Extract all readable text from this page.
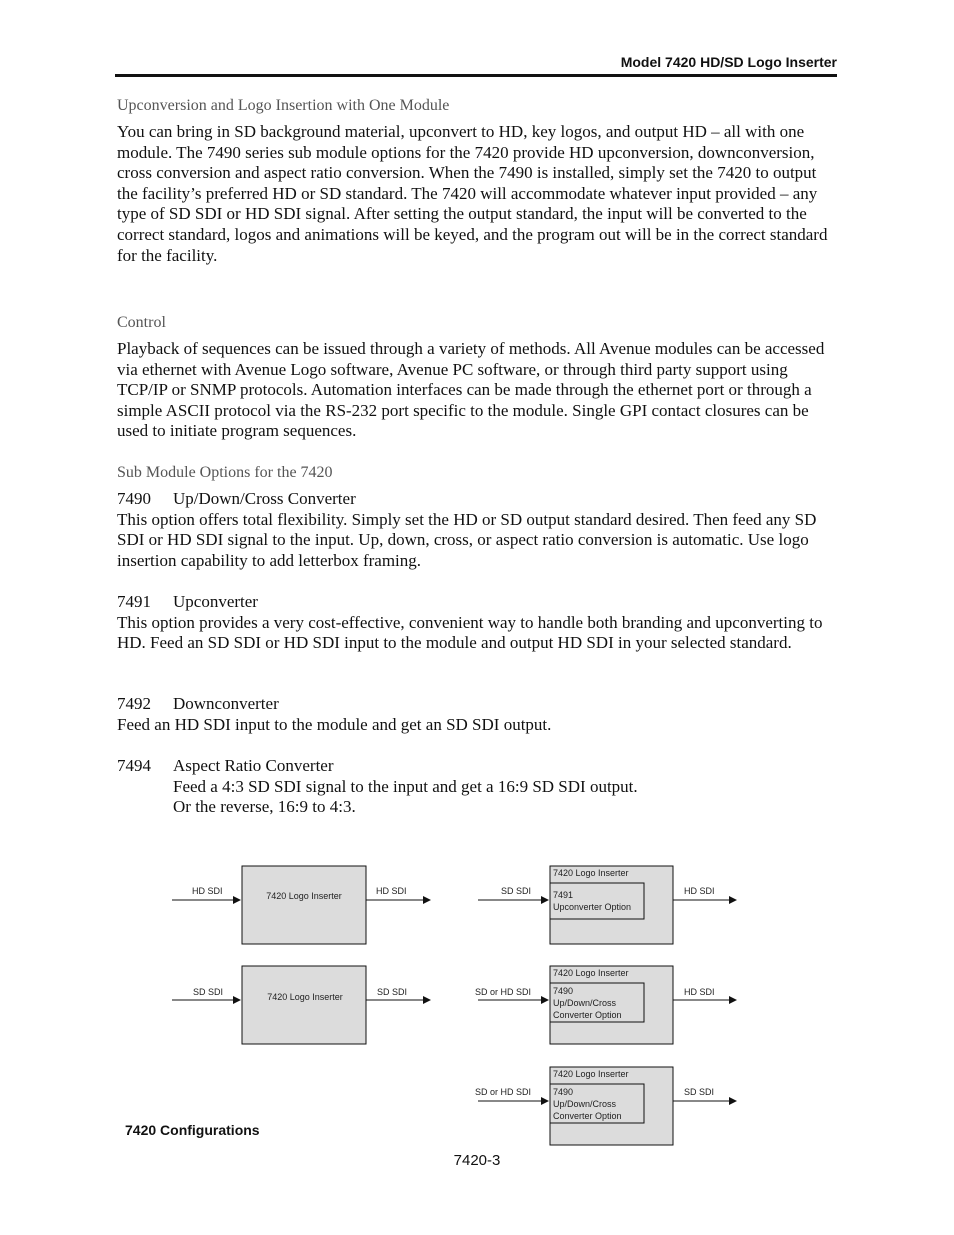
Model 7420 HD/SD Logo Inserter
Upconversion and Logo Insertion with One Module

You can bring in SD background material, upconvert to HD, key logos, and output HD – all with one module. The 7490 series sub module options for the 7420 provide HD upconversion, downconversion, cross conversion and aspect ratio conversion. When the 7490 is installed, simply set the 7420 to output the facility’s preferred HD or SD standard. The 7420 will accommodate whatever input provided – any type of SD SDI or HD SDI signal. After setting the output standard, the input will be converted to the correct standard, logos and animations will be keyed, and the program out will be in the correct standard for the facility.

Control

Playback of sequences can be issued through a variety of methods. All Avenue modules can be accessed via ethernet with Avenue Logo software, Avenue PC software, or through third party support using TCP/IP or SNMP protocols. Automation interfaces can be made through the ethernet port or through a simple ASCII protocol via the RS-232 port specific to the module. Single GPI contact closures can be used to initiate program sequences.

Sub Module Options for the 7420
7490 Up/Down/Cross Converter
This option offers total flexibility. Simply set the HD or SD output standard desired. Then feed any SD SDI or HD SDI signal to the input. Up, down, cross, or aspect ratio conversion is automatic. Use logo insertion capability to add letterbox framing.
7491 Upconverter
This option provides a very cost-effective, convenient way to handle both branding and upconverting to HD. Feed an SD SDI or HD SDI input to the module and output HD SDI in your selected standard.
7492 Downconverter
Feed an HD SDI input to the module and get an SD SDI output.
7494 Aspect Ratio Converter
Feed a 4:3 SD SDI signal to the input and get a 16:9 SD SDI output.
Or the reverse, 16:9 to 4:3.
HD SDI	7420 Logo Inserter	HD SDI
SD SDI	7420 Logo Inserter	SD SDI
SD SDI
7420 Logo Inserter
7491
Upconverter Option
HD SDI
SD or HD SDI
7420 Logo Inserter
7490
Up/Down/Cross
Converter Option
HD SDI
SD or HD SDI
7420 Logo Inserter
7490
Up/Down/Cross
Converter Option
SD SDI
7420 Configurations
7420-3
